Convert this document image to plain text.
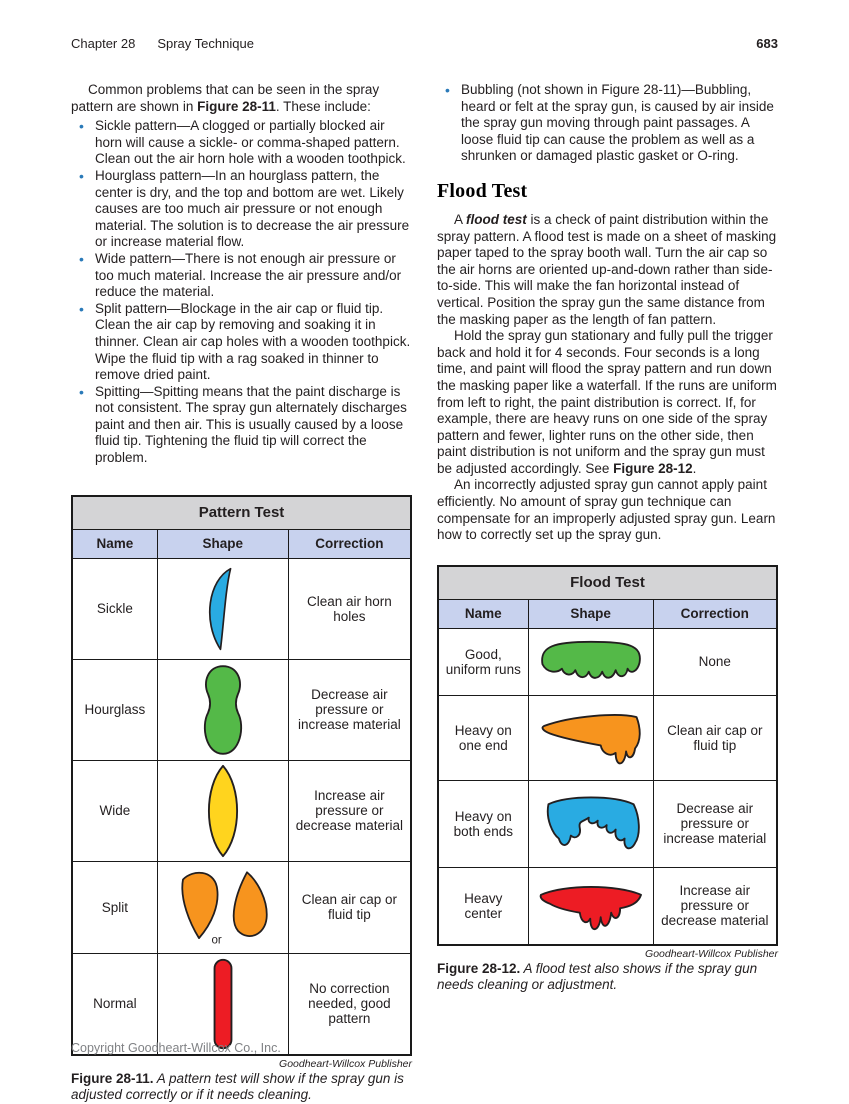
Chapter 28 Spray Technique	683

Common problems that can be seen in the spray pattern are shown in Figure 28-11. These include:

• Sickle pattern—A clogged or partially blocked air horn will cause a sickle- or comma-shaped pattern. Clean out the air horn hole with a wooden toothpick.
• Hourglass pattern—In an hourglass pattern, the center is dry, and the top and bottom are wet. Likely causes are too much air pressure or not enough material. The solution is to decrease the air pressure or increase material flow.
• Wide pattern—There is not enough air pressure or too much material. Increase the air pressure and/or reduce the material.
• Split pattern—Blockage in the air cap or fluid tip. Clean the air cap by removing and soaking it in thinner. Clean air cap holes with a wooden toothpick. Wipe the fluid tip with a rag soaked in thinner to remove dried paint.
• Spitting—Spitting means that the paint discharge is not consistent. The spray gun alternately discharges paint and then air. This is usually caused by a loose fluid tip. Tightening the fluid tip will correct the problem.
Pattern Test		
Name	Shape	Correction
Sickle		Clean air horn holes
Hourglass		Decrease air pressure or increase material
Wide		Increase air pressure or decrease material
Split	or	Clean air cap or fluid tip
Normal		No correction needed, good pattern

Goodheart-Willcox Publisher

Figure 28-11. A pattern test will show if the spray gun is adjusted correctly or if it needs cleaning.

• Bubbling (not shown in Figure 28-11)—Bubbling, heard or felt at the spray gun, is caused by air inside the spray gun moving through paint passages. A loose fluid tip can cause the problem as well as a shrunken or damaged plastic gasket or O-ring.
Flood Test

A flood test is a check of paint distribution within the spray pattern. A flood test is made on a sheet of masking paper taped to the spray booth wall. Turn the air cap so the air horns are oriented up-and-down rather than side-to-side. This will make the fan horizontal instead of vertical. Position the spray gun the same distance from the masking paper as the length of fan pattern.

Hold the spray gun stationary and fully pull the trigger back and hold it for 4 seconds. Four seconds is a long time, and paint will flood the spray pattern and run down the masking paper like a waterfall. If the runs are uniform from left to right, the paint distribution is correct. If, for example, there are heavy runs on one side of the spray pattern and fewer, lighter runs on the other side, then paint distribution is not uniform and the spray gun must be adjusted accordingly. See Figure 28-12.

An incorrectly adjusted spray gun cannot apply paint efficiently. No amount of spray gun technique can compensate for an improperly adjusted spray gun. Learn how to correctly set up the spray gun.

Flood Test		
Name	Shape	Correction
Good, uniform runs		None
Heavy on one end		Clean air cap or fluid tip
Heavy on both ends		Decrease air pressure or increase material
Heavy center		Increase air pressure or decrease material

Goodheart-Willcox Publisher

Figure 28-12. A flood test also shows if the spray gun needs cleaning or adjustment.

Copyright Goodheart-Willcox Co., Inc.
